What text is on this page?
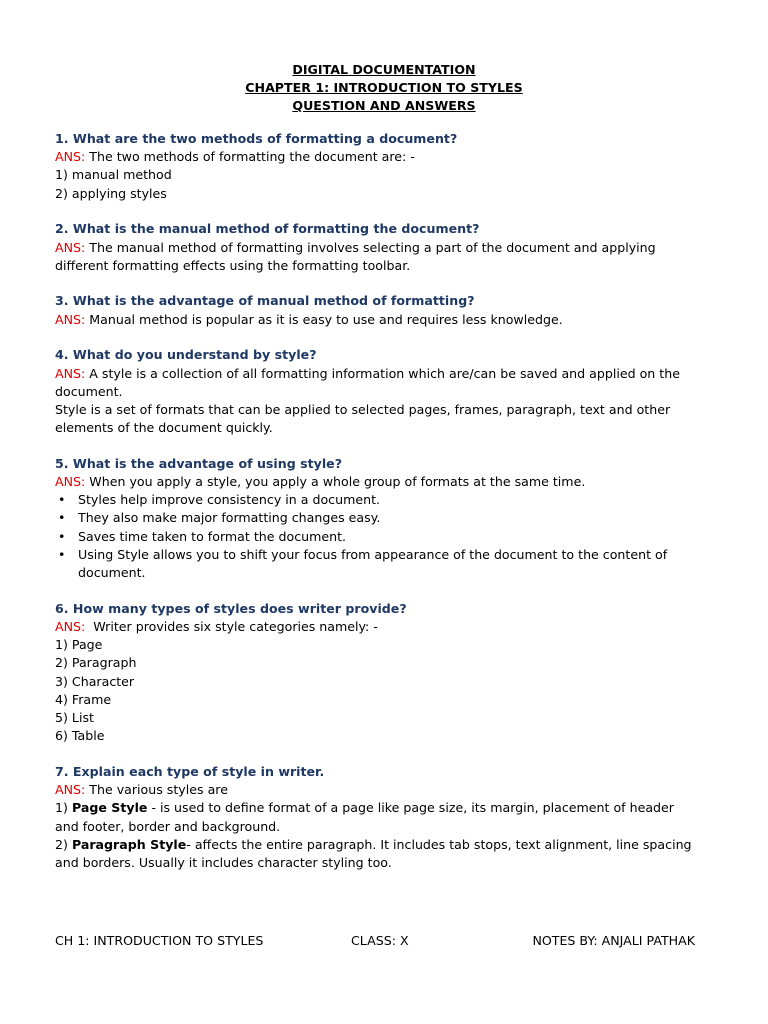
DIGITAL DOCUMENTATION
CHAPTER 1: INTRODUCTION TO STYLES
QUESTION AND ANSWERS
1. What are the two methods of formatting a document?
ANS: The two methods of formatting the document are: -
1) manual method
2) applying styles
2. What is the manual method of formatting the document?
ANS: The manual method of formatting involves selecting a part of the document and applying different formatting effects using the formatting toolbar.
3. What is the advantage of manual method of formatting?
ANS: Manual method is popular as it is easy to use and requires less knowledge.
4. What do you understand by style?
ANS: A style is a collection of all formatting information which are/can be saved and applied on the document.
Style is a set of formats that can be applied to selected pages, frames, paragraph, text and other elements of the document quickly.
5. What is the advantage of using style?
ANS: When you apply a style, you apply a whole group of formats at the same time.
• Styles help improve consistency in a document.
• They also make major formatting changes easy.
• Saves time taken to format the document.
• Using Style allows you to shift your focus from appearance of the document to the content of document.
6. How many types of styles does writer provide?
ANS:  Writer provides six style categories namely: -
1) Page
2) Paragraph
3) Character
4) Frame
5) List
6) Table
7. Explain each type of style in writer.
ANS: The various styles are
1) Page Style - is used to define format of a page like page size, its margin, placement of header and footer, border and background.
2) Paragraph Style- affects the entire paragraph. It includes tab stops, text alignment, line spacing and borders. Usually it includes character styling too.
CH 1: INTRODUCTION TO STYLES	CLASS: X	NOTES BY: ANJALI PATHAK
